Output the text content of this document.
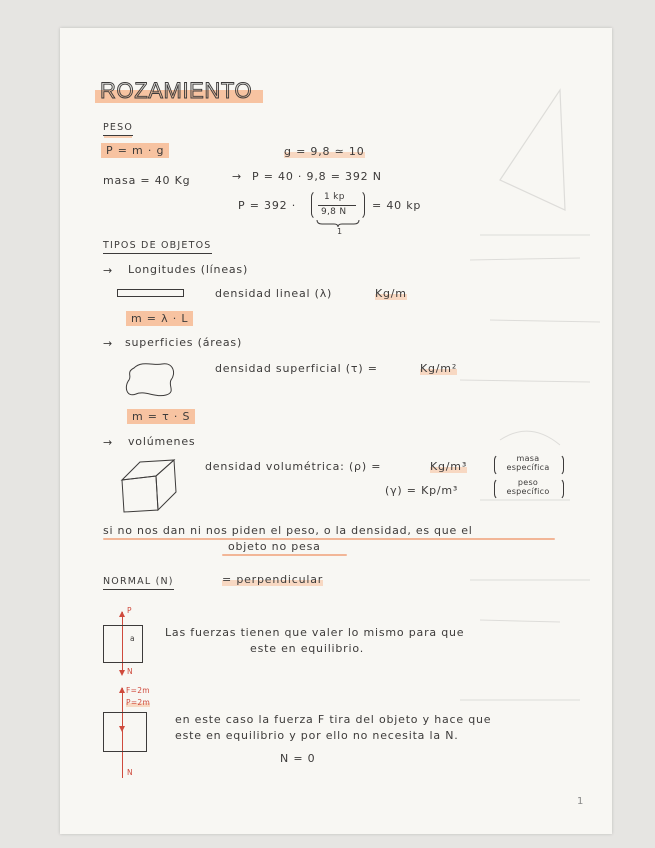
ROZAMIENTO
PESO
P = m · g	g = 9,8 ≃ 10
masa = 40 Kg	→ P = 40 · 9,8 = 392 N
P = 392 ·
1 kp
9,8 N = 40 kp
1
TIPOS DE OBJETOS
→ Longitudes (líneas)
densidad lineal (λ)	Kg/m
m = λ · L
→ superficies (áreas)
densidad superficial (τ) =	Kg/m²
m = τ · S
→ volúmenes
densidad volumétrica: (ρ) =	Kg/m³
masa
específica
(γ) = Kp/m³
peso
específico
si no nos dan ni nos piden el peso, o la densidad, es que el
objeto no pesa
NORMAL (N)	= perpendicular
P
a
N
Las fuerzas tienen que valer lo mismo para que
este en equilibrio.
F=2m
P=2m
N
en este caso la fuerza F tira del objeto y hace que
este en equilibrio y por ello no necesita la N.
N = 0
1
